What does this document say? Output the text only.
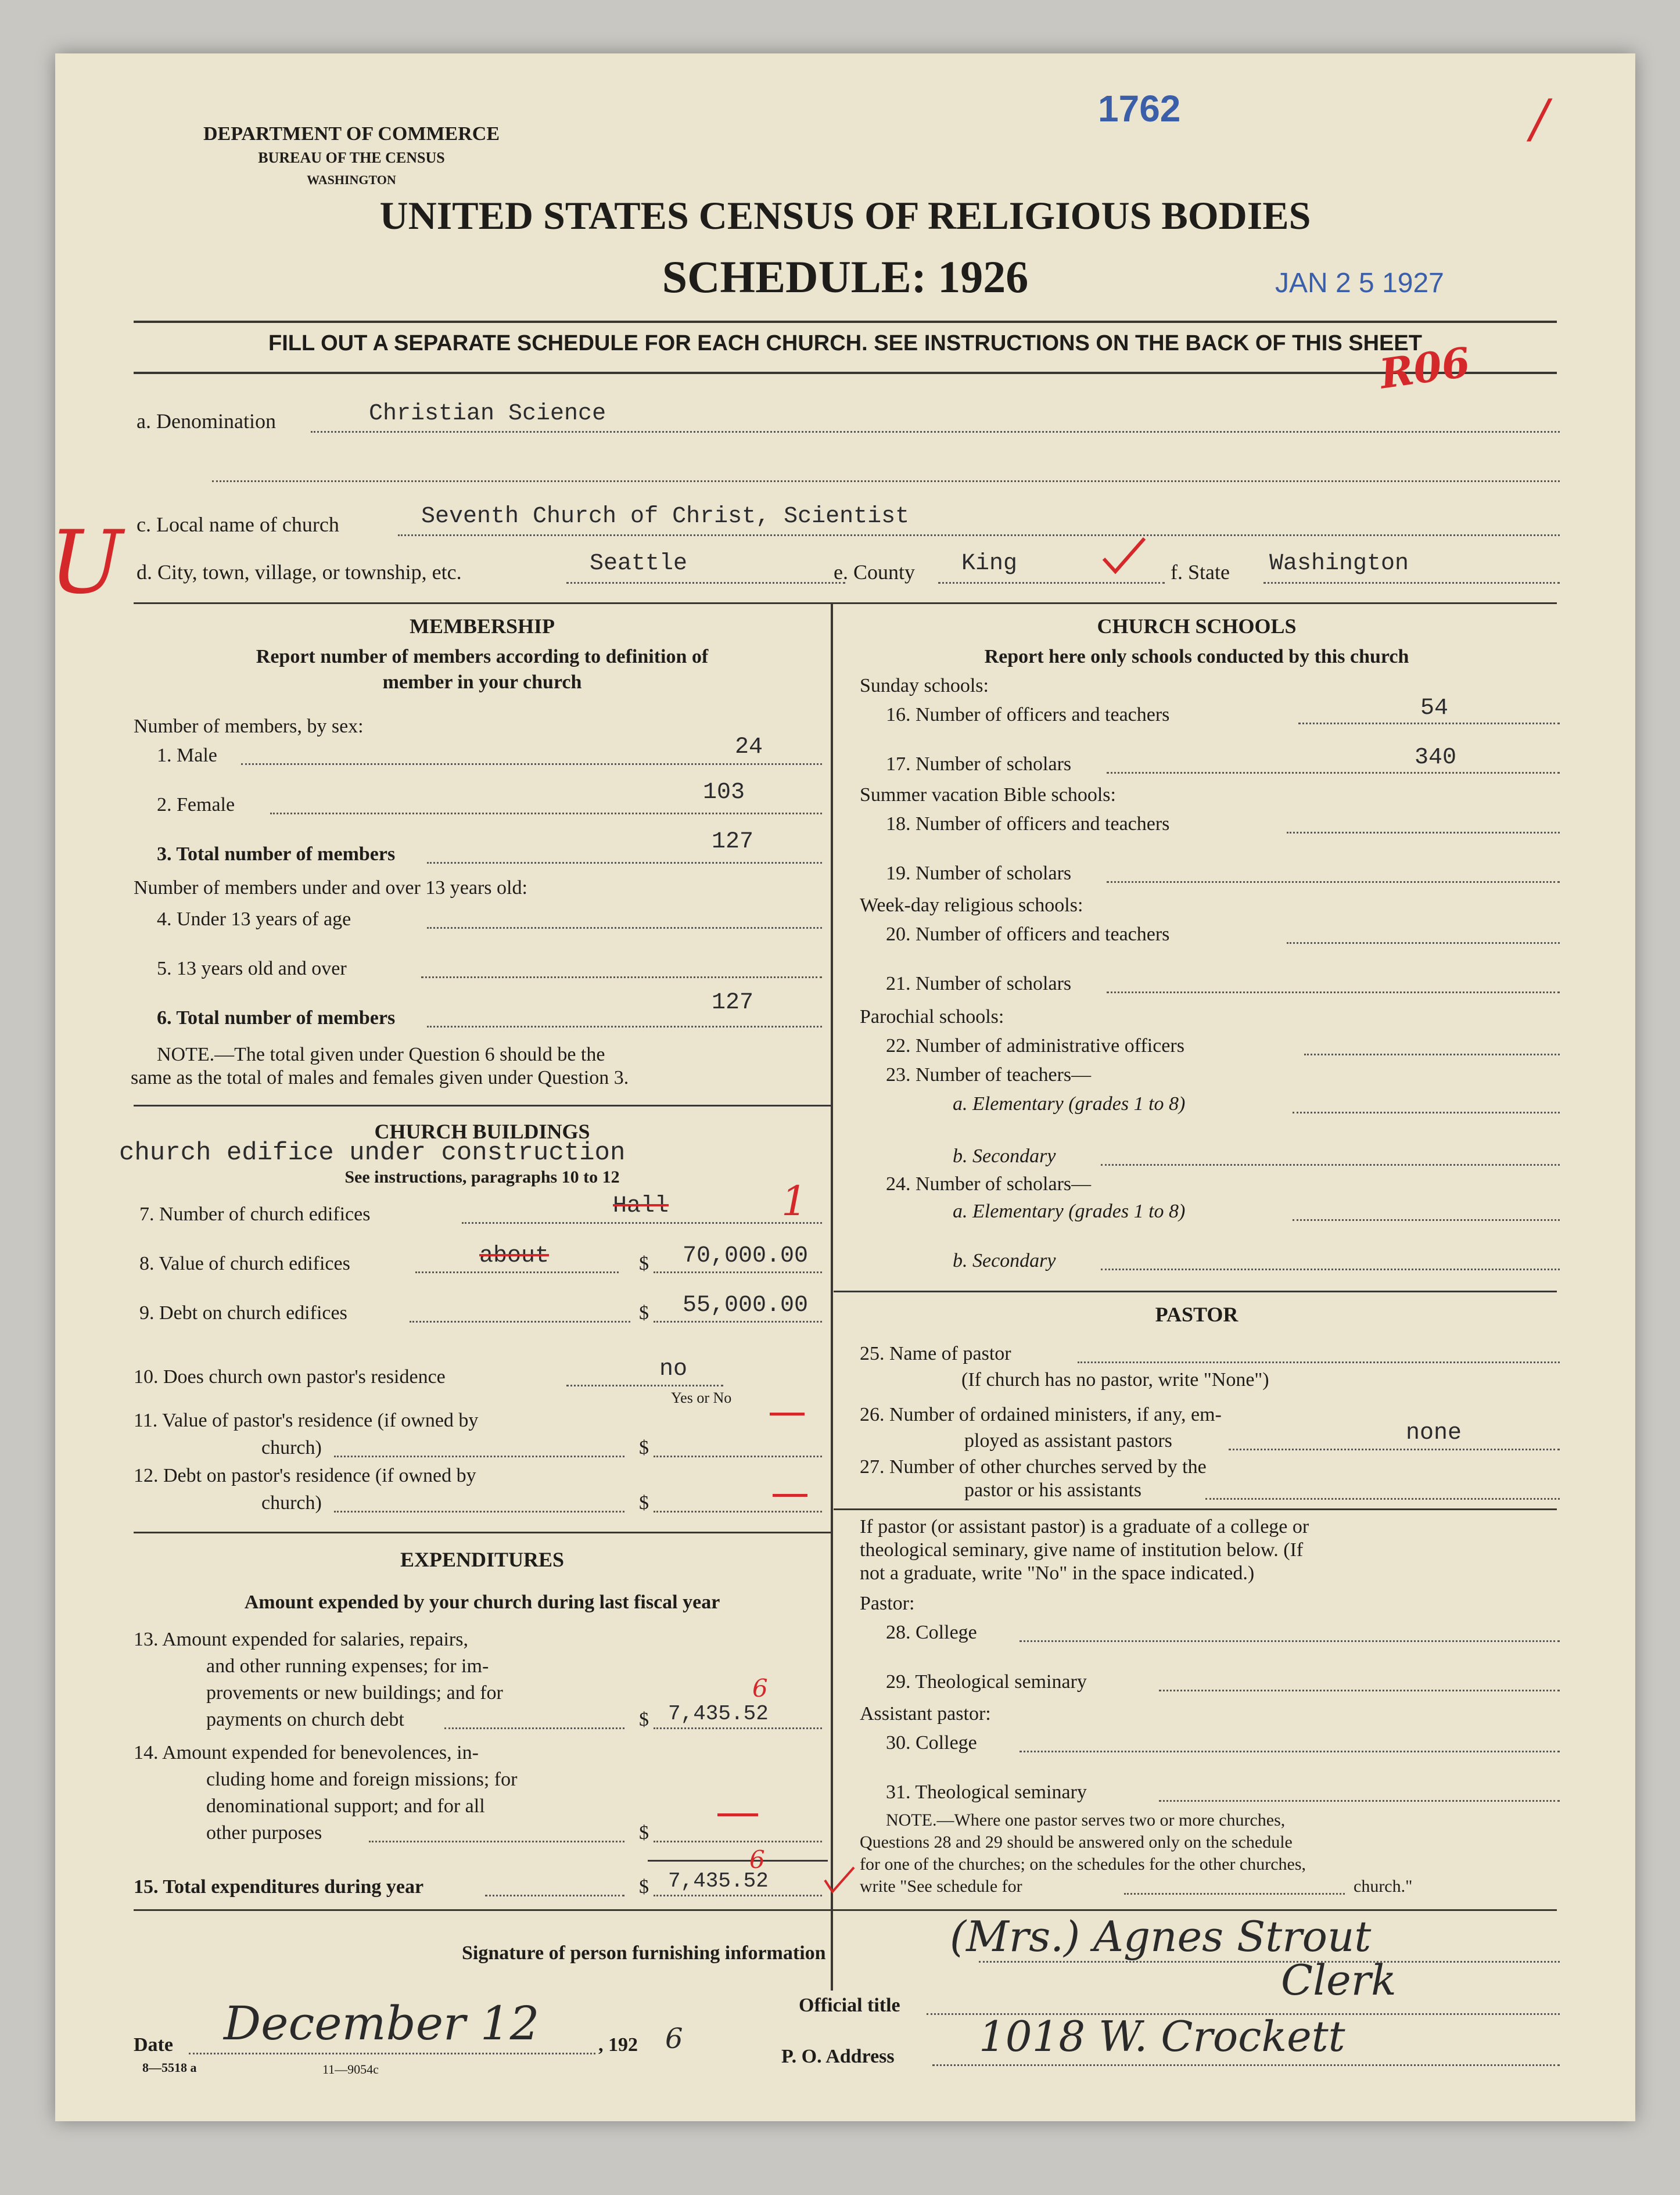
1762	/
DEPARTMENT OF COMMERCE
BUREAU OF THE CENSUS
WASHINGTON
UNITED STATES CENSUS OF RELIGIOUS BODIES
SCHEDULE: 1926	JAN 2 5 1927
FILL OUT A SEPARATE SCHEDULE FOR EACH CHURCH. SEE INSTRUCTIONS ON THE BACK OF THIS SHEET
R06
U
a. Denomination	Christian Science
c. Local name of church	Seventh Church of Christ, Scientist
d. City, town, village, or township, etc.	Seattle	e. County King	f. State Washington
MEMBERSHIP
Report number of members according to definition of
member in your church
Number of members, by sex:
1. Male	24
2. Female	103
3. Total number of members	127
Number of members under and over 13 years old:
4. Under 13 years of age
5. 13 years old and over
6. Total number of members
127
NOTE.—The total given under Question 6 should be the
same as the total of males and females given under Question 3.
CHURCH BUILDINGS
church edifice under construction
See instructions, paragraphs 10 to 12
7. Number of church edifices	Hall	1
8. Value of church edifices	about	$ 70,000.00
9. Debt on church edifices	$ 55,000.00
10. Does church own pastor's residence	no
Yes or No
11. Value of pastor's residence (if owned by
church)	$
12. Debt on pastor's residence (if owned by
church)	$
EXPENDITURES
Amount expended by your church during last fiscal year
13. Amount expended for salaries, repairs,
and other running expenses; for im-
provements or new buildings; and for
payments on church debt	$ 7,435.52
6
14. Amount expended for benevolences, in-
cluding home and foreign missions; for
denominational support; and for all
other purposes	$
15. Total expenditures during year	$ 7,435.52
6
CHURCH SCHOOLS
Report here only schools conducted by this church
Sunday schools:
16. Number of officers and teachers	54
17. Number of scholars	340
Summer vacation Bible schools:
18. Number of officers and teachers
19. Number of scholars
Week-day religious schools:
20. Number of officers and teachers
21. Number of scholars
Parochial schools:
22. Number of administrative officers
23. Number of teachers—
a. Elementary (grades 1 to 8)
b. Secondary
24. Number of scholars—
a. Elementary (grades 1 to 8)
b. Secondary
PASTOR
25. Name of pastor
(If church has no pastor, write "None")
26. Number of ordained ministers, if any, em-
ployed as assistant pastors	none
27. Number of other churches served by the
pastor or his assistants
If pastor (or assistant pastor) is a graduate of a college or
theological seminary, give name of institution below. (If
not a graduate, write "No" in the space indicated.)
Pastor:
28. College
29. Theological seminary
Assistant pastor:
30. College
31. Theological seminary
NOTE.—Where one pastor serves two or more churches,
Questions 28 and 29 should be answered only on the schedule
for one of the churches; on the schedules for the other churches,
write "See schedule for	church."
Signature of person furnishing information	(Mrs.) Agnes Strout
Official title
Clerk
Date December 12	, 192 6
8—5518 a	11—9054c
P. O. Address 1018 W. Crockett
